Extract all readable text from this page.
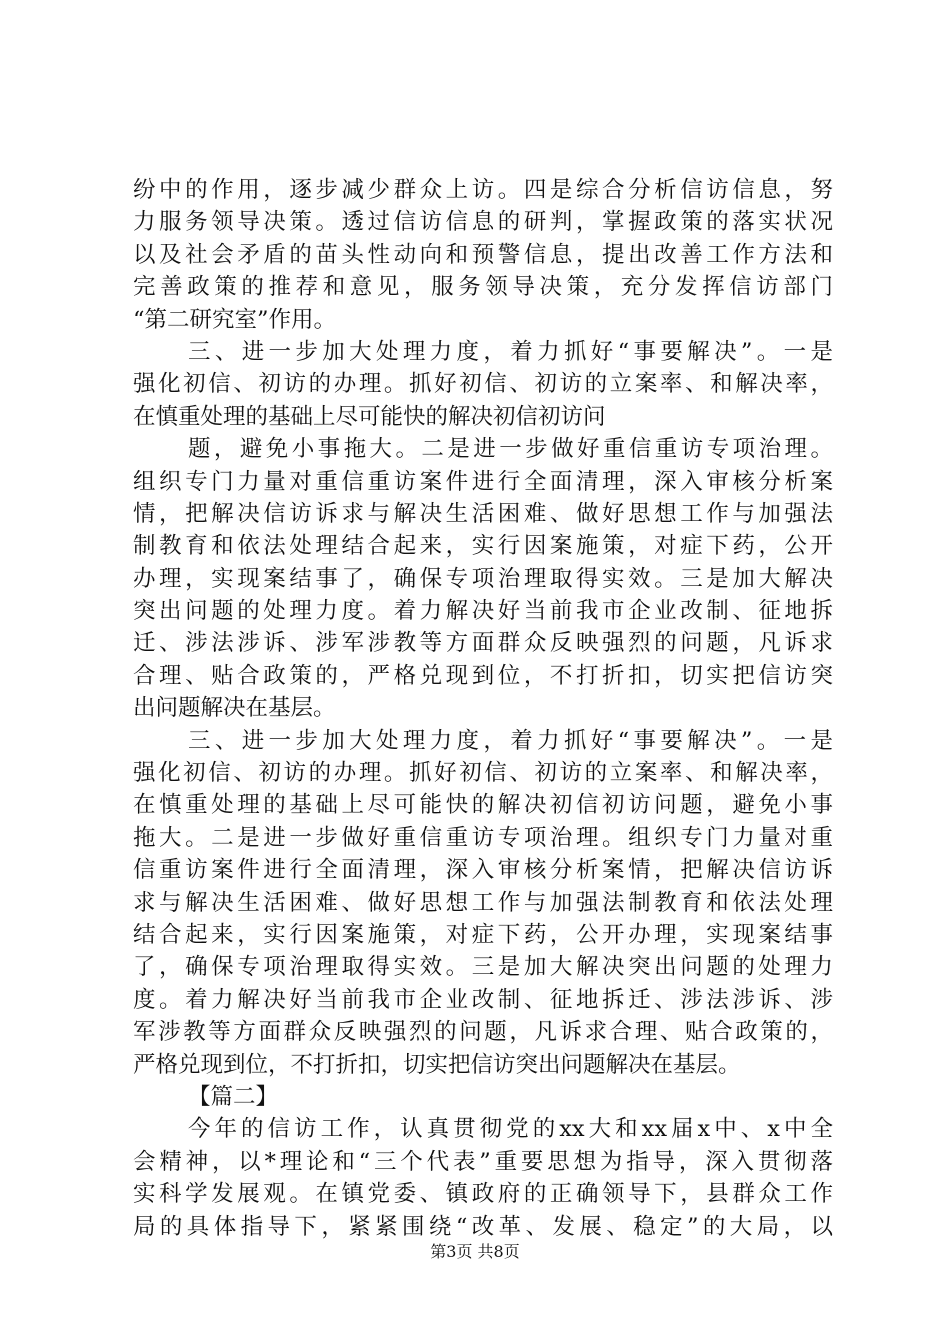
纷中的作用，逐步减少群众上访。四是综合分析信访信息，努
力服务领导决策。透过信访信息的研判，掌握政策的落实状况
以及社会矛盾的苗头性动向和预警信息，提出改善工作方法和
完善政策的推荐和意见，服务领导决策，充分发挥信访部门
“第二研究室”作用。
三、进一步加大处理力度，着力抓好“事要解决”。一是
强化初信、初访的办理。抓好初信、初访的立案率、和解决率，
在慎重处理的基础上尽可能快的解决初信初访问
题，避免小事拖大。二是进一步做好重信重访专项治理。
组织专门力量对重信重访案件进行全面清理，深入审核分析案
情，把解决信访诉求与解决生活困难、做好思想工作与加强法
制教育和依法处理结合起来，实行因案施策，对症下药，公开
办理，实现案结事了，确保专项治理取得实效。三是加大解决
突出问题的处理力度。着力解决好当前我市企业改制、征地拆
迁、涉法涉诉、涉军涉教等方面群众反映强烈的问题，凡诉求
合理、贴合政策的，严格兑现到位，不打折扣，切实把信访突
出问题解决在基层。
三、进一步加大处理力度，着力抓好“事要解决”。一是
强化初信、初访的办理。抓好初信、初访的立案率、和解决率，
在慎重处理的基础上尽可能快的解决初信初访问题，避免小事
拖大。二是进一步做好重信重访专项治理。组织专门力量对重
信重访案件进行全面清理，深入审核分析案情，把解决信访诉
求与解决生活困难、做好思想工作与加强法制教育和依法处理
结合起来，实行因案施策，对症下药，公开办理，实现案结事
了，确保专项治理取得实效。三是加大解决突出问题的处理力
度。着力解决好当前我市企业改制、征地拆迁、涉法涉诉、涉
军涉教等方面群众反映强烈的问题，凡诉求合理、贴合政策的，
严格兑现到位，不打折扣，切实把信访突出问题解决在基层。
【篇二】
今年的信访工作，认真贯彻党的xx大和xx届x中、x中全
会精神，以*理论和“三个代表”重要思想为指导，深入贯彻落
实科学发展观。在镇党委、镇政府的正确领导下，县群众工作
局的具体指导下，紧紧围绕“改革、发展、稳定”的大局，以
第3页 共8页
